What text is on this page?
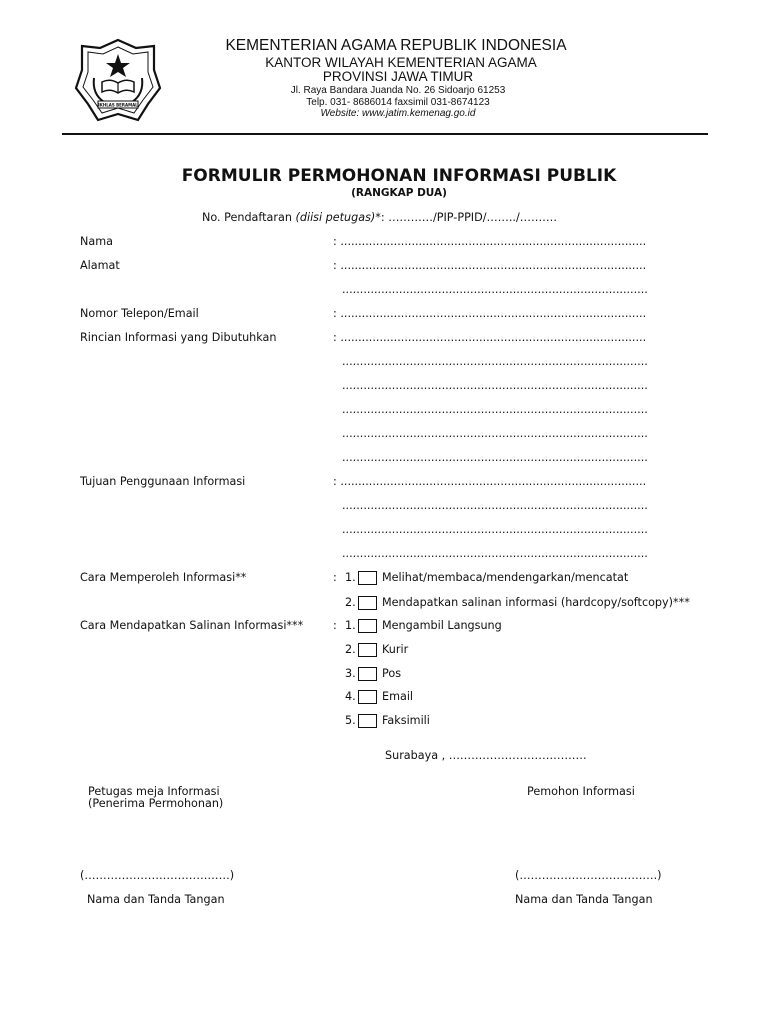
IKHLAS BERAMAL
KEMENTERIAN AGAMA REPUBLIK INDONESIA
KANTOR WILAYAH KEMENTERIAN AGAMA
PROVINSI JAWA TIMUR
Jl. Raya Bandara Juanda No. 26 Sidoarjo 61253
Telp. 031- 8686014 faxsimil 031-8674123
Website: www.jatim.kemenag.go.id
FORMULIR PERMOHONAN INFORMASI PUBLIK
(RANGKAP DUA)
No. Pendaftaran (diisi petugas)*: …………/PIP-PPID/……../……….
Nama	: ......................................................................................
Alamat	: ......................................................................................
......................................................................................
Nomor Telepon/Email	: ......................................................................................
Rincian Informasi yang Dibutuhkan	: ......................................................................................
......................................................................................
......................................................................................
......................................................................................
......................................................................................
......................................................................................
Tujuan Penggunaan Informasi	: ......................................................................................
......................................................................................
......................................................................................
......................................................................................
Cara Memperoleh Informasi**	: 1. Melihat/membaca/mendengarkan/mencatat
2. Mendapatkan salinan informasi (hardcopy/softcopy)***
Cara Mendapatkan Salinan Informasi***	: 1. Mengambil Langsung
2. Kurir
3. Pos
4. Email
5. Faksimili
Surabaya , ……………………………….
Petugas meja Informasi
(Penerima Permohonan)
Pemohon Informasi
(…………………………………)	(……………………………….)
Nama dan Tanda Tangan	Nama dan Tanda Tangan
